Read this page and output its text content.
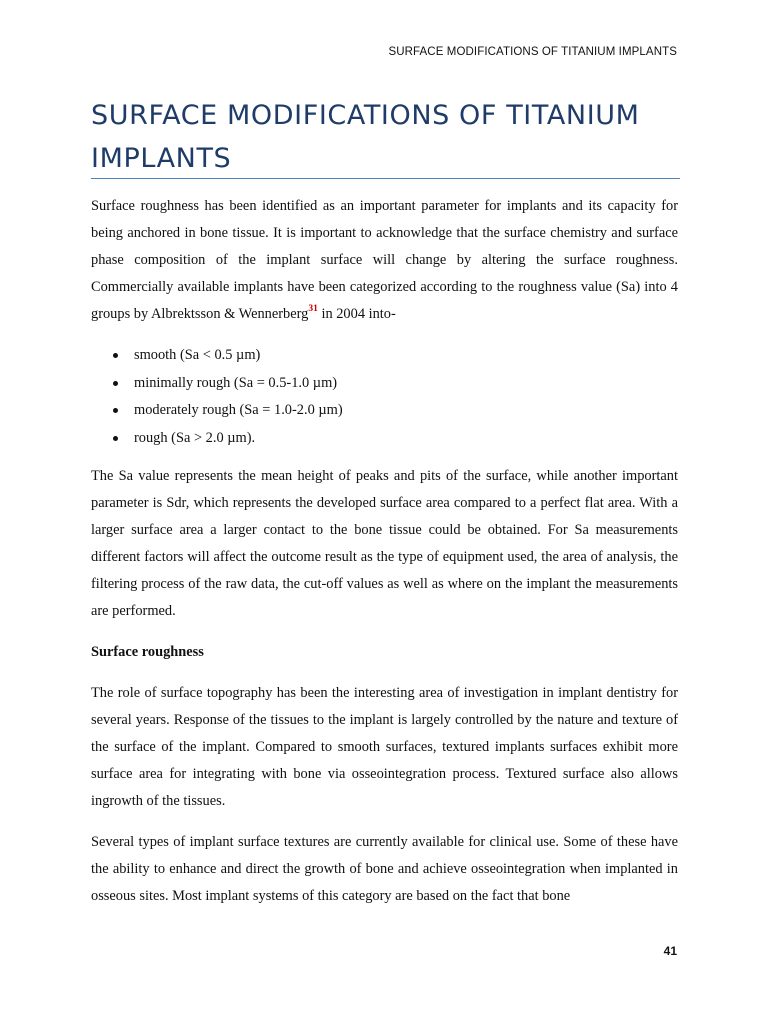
SURFACE MODIFICATIONS OF TITANIUM IMPLANTS
SURFACE MODIFICATIONS OF TITANIUM IMPLANTS

Surface roughness has been identified as an important parameter for implants and its capacity for being anchored in bone tissue. It is important to acknowledge that the surface chemistry and surface phase composition of the implant surface will change by altering the surface roughness. Commercially available implants have been categorized according to the roughness value (Sa) into 4 groups by Albrektsson & Wennerberg$^{31}$ in 2004 into-

smooth (Sa < 0.5 µm)
minimally rough (Sa = 0.5-1.0 µm)
moderately rough (Sa = 1.0-2.0 µm)
rough (Sa > 2.0 µm).

The Sa value represents the mean height of peaks and pits of the surface, while another important parameter is Sdr, which represents the developed surface area compared to a perfect flat area. With a larger surface area a larger contact to the bone tissue could be obtained. For Sa measurements different factors will affect the outcome result as the type of equipment used, the area of analysis, the filtering process of the raw data, the cut-off values as well as where on the implant the measurements are performed.

Surface roughness

The role of surface topography has been the interesting area of investigation in implant dentistry for several years. Response of the tissues to the implant is largely controlled by the nature and texture of the surface of the implant. Compared to smooth surfaces, textured implants surfaces exhibit more surface area for integrating with bone via osseointegration process. Textured surface also allows ingrowth of the tissues.

Several types of implant surface textures are currently available for clinical use. Some of these have the ability to enhance and direct the growth of bone and achieve osseointegration when implanted in osseous sites. Most implant systems of this category are based on the fact that bone

41
